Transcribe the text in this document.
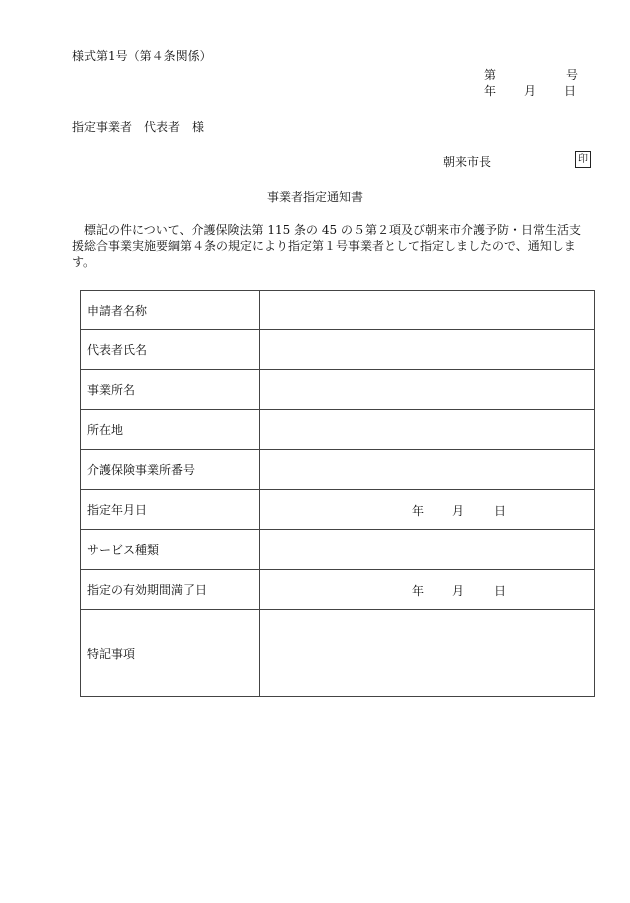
様式第1号（第４条関係）
第	号
年 月 日
指定事業者　代表者　様
朝来市長	印
事業者指定通知書
標記の件について、介護保険法第 115 条の 45 の５第２項及び朝来市介護予防・日常生活支援総合事業実施要綱第４条の規定により指定第１号事業者として指定しましたので、通知します。
申請者名称	
代表者氏名	
事業所名	
所在地	
介護保険事業所番号	
指定年月日	年 月 日

サービス種類	
指定の有効期間満了日	年 月 日

特記事項	
